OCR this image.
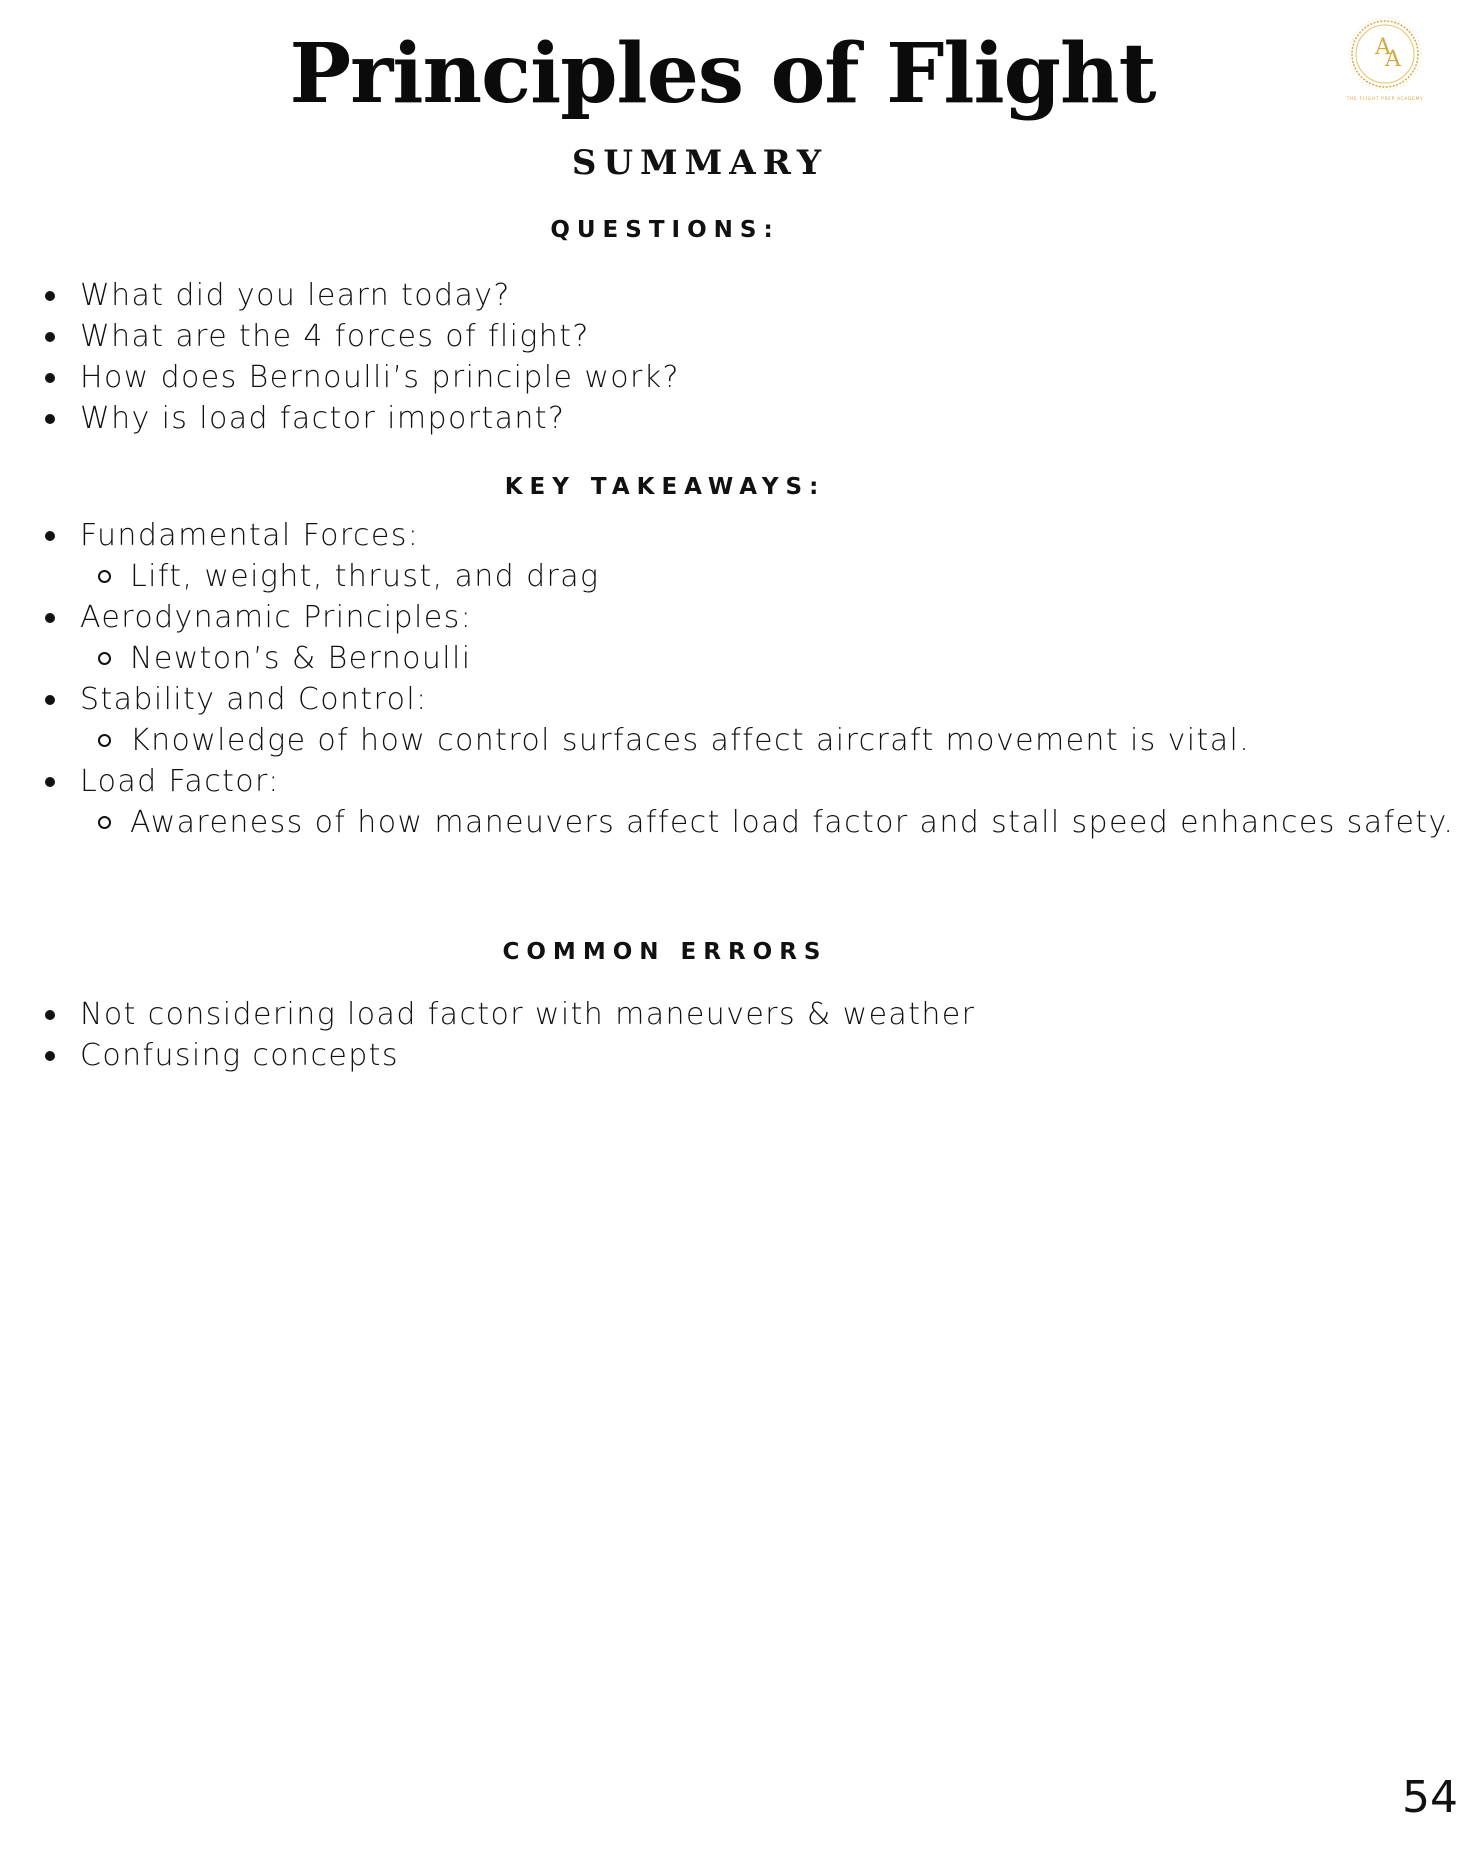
Principles of Flight
SUMMARY
A
A
THE FLIGHT PREP ACADEMY
QUESTIONS:
What did you learn today?
What are the 4 forces of flight?
How does Bernoulli’s principle work?
Why is load factor important?
KEY TAKEAWAYS:
Fundamental Forces:
Lift, weight, thrust, and drag
Aerodynamic Principles:
Newton’s & Bernoulli
Stability and Control:
Knowledge of how control surfaces affect aircraft movement is vital.
Load Factor:
Awareness of how maneuvers affect load factor and stall speed enhances safety.
COMMON ERRORS
Not considering load factor with maneuvers & weather
Confusing concepts
54
